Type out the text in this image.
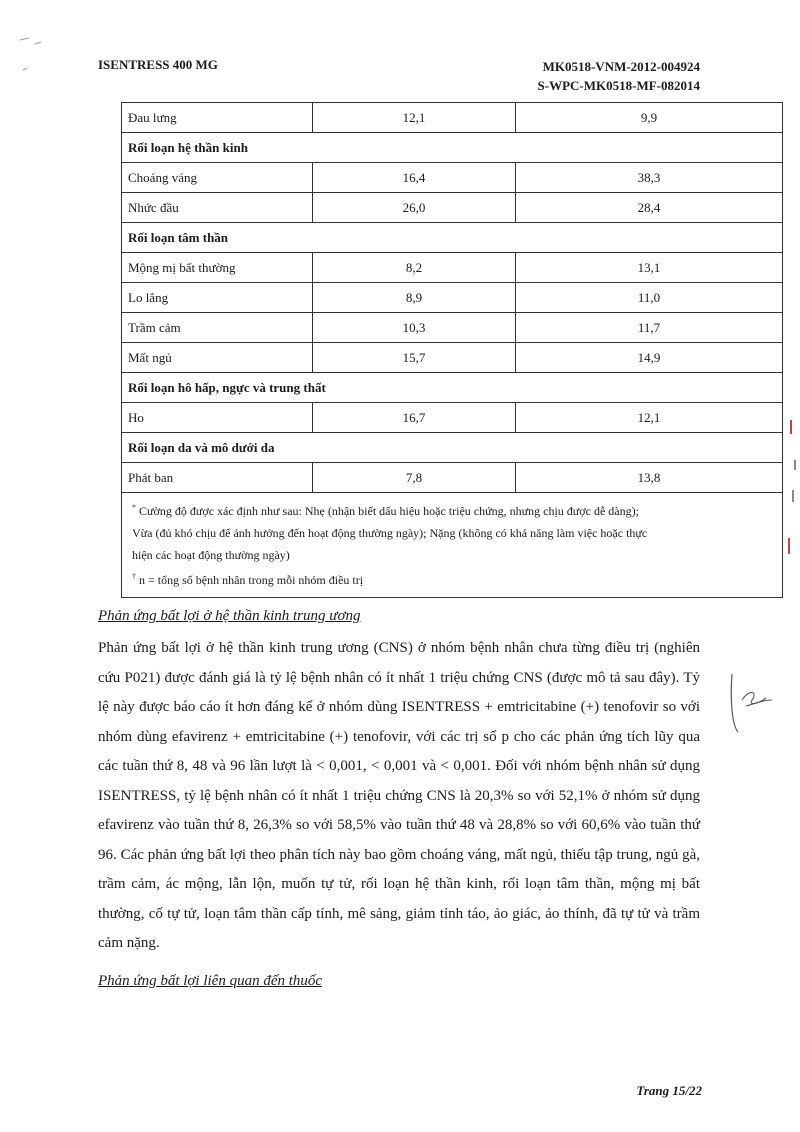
ISENTRESS 400 MG	MK0518-VNM-2012-004924
S-WPC-MK0518-MF-082014
Đau lưng	12,1	9,9
Rối loạn hệ thần kinh		
Choáng váng	16,4	38,3
Nhức đầu	26,0	28,4
Rối loạn tâm thần		
Mộng mị bất thường	8,2	13,1
Lo lắng	8,9	11,0
Trầm cảm	10,3	11,7
Mất ngủ	15,7	14,9
Rối loạn hô hấp, ngực và trung thất		
Ho	16,7	12,1
Rối loạn da và mô dưới da		
Phát ban	7,8	13,8

* Cường độ được xác định như sau: Nhẹ (nhận biết dấu hiệu hoặc triệu chứng, nhưng chịu được dễ dàng);
Vừa (đủ khó chịu để ảnh hưởng đến hoạt động thường ngày); Nặng (không có khả năng làm việc hoặc thực
hiện các hoạt động thường ngày)
† n = tổng số bệnh nhân trong mỗi nhóm điều trị		
Phản ứng bất lợi ở hệ thần kinh trung ương
Phản ứng bất lợi ở hệ thần kinh trung ương (CNS) ở nhóm bệnh nhân chưa từng điều trị (nghiên cứu P021) được đánh giá là tỷ lệ bệnh nhân có ít nhất 1 triệu chứng CNS (được mô tả sau đây). Tỷ lệ này được báo cáo ít hơn đáng kể ở nhóm dùng ISENTRESS + emtricitabine (+) tenofovir so với nhóm dùng efavirenz + emtricitabine (+) tenofovir, với các trị số p cho các phản ứng tích lũy qua các tuần thứ 8, 48 và 96 lần lượt là < 0,001, < 0,001 và < 0,001. Đối với nhóm bệnh nhân sử dụng ISENTRESS, tỷ lệ bệnh nhân có ít nhất 1 triệu chứng CNS là 20,3% so với 52,1% ở nhóm sử dụng efavirenz vào tuần thứ 8, 26,3% so với 58,5% vào tuần thứ 48 và 28,8% so với 60,6% vào tuần thứ 96. Các phản ứng bất lợi theo phân tích này bao gồm choáng váng, mất ngủ, thiếu tập trung, ngủ gà, trầm cảm, ác mộng, lẫn lộn, muốn tự tử, rối loạn hệ thần kinh, rối loạn tâm thần, mộng mị bất thường, cố tự tử, loạn tâm thần cấp tính, mê sảng, giảm tỉnh táo, ảo giác, ảo thính, đã tự tử và trầm cảm nặng.
Phản ứng bất lợi liên quan đến thuốc
Trang 15/22
